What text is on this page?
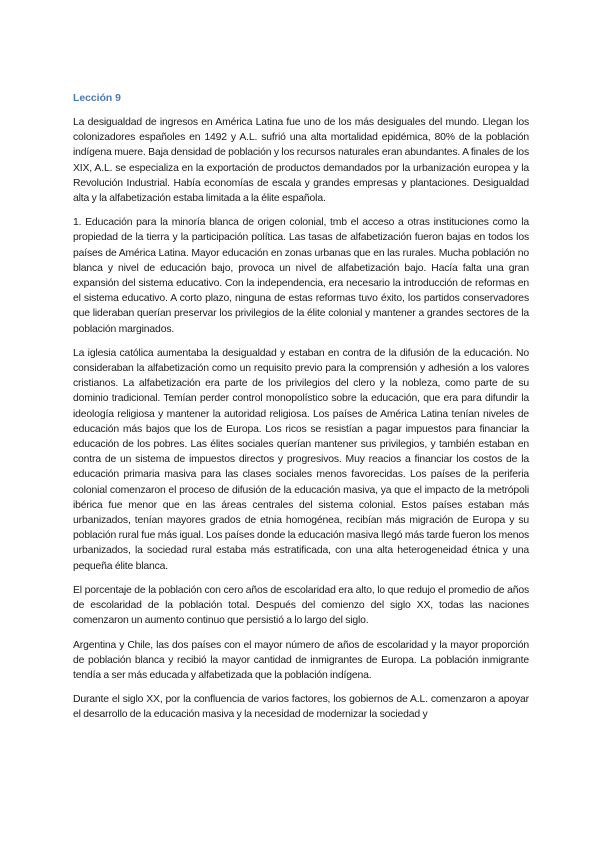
Lección 9

La desigualdad de ingresos en América Latina fue uno de los más desiguales del mundo. Llegan los colonizadores españoles en 1492 y A.L. sufrió una alta mortalidad epidémica, 80% de la población indígena muere. Baja densidad de población y los recursos naturales eran abundantes. A finales de los XIX, A.L. se especializa en la exportación de productos demandados por la urbanización europea y la Revolución Industrial. Había economías de escala y grandes empresas y plantaciones. Desigualdad alta y la alfabetización estaba limitada a la élite española.

1. Educación para la minoría blanca de origen colonial, tmb el acceso a otras instituciones como la propiedad de la tierra y la participación política. Las tasas de alfabetización fueron bajas en todos los países de América Latina. Mayor educación en zonas urbanas que en las rurales. Mucha población no blanca y nivel de educación bajo, provoca un nivel de alfabetización bajo. Hacía falta una gran expansión del sistema educativo. Con la independencia, era necesario la introducción de reformas en el sistema educativo. A corto plazo, ninguna de estas reformas tuvo éxito, los partidos conservadores que lideraban querían preservar los privilegios de la élite colonial y mantener a grandes sectores de la población marginados.

La iglesia católica aumentaba la desigualdad y estaban en contra de la difusión de la educación. No consideraban la alfabetización como un requisito previo para la comprensión y adhesión a los valores cristianos. La alfabetización era parte de los privilegios del clero y la nobleza, como parte de su dominio tradicional. Temían perder control monopolístico sobre la educación, que era para difundir la ideología religiosa y mantener la autoridad religiosa. Los países de América Latina tenían niveles de educación más bajos que los de Europa. Los ricos se resistían a pagar impuestos para financiar la educación de los pobres. Las élites sociales querían mantener sus privilegios, y también estaban en contra de un sistema de impuestos directos y progresivos. Muy reacios a financiar los costos de la educación primaria masiva para las clases sociales menos favorecidas. Los países de la periferia colonial comenzaron el proceso de difusión de la educación masiva, ya que el impacto de la metrópoli ibérica fue menor que en las áreas centrales del sistema colonial. Estos países estaban más urbanizados, tenían mayores grados de etnia homogénea, recibían más migración de Europa y su población rural fue más igual. Los países donde la educación masiva llegó más tarde fueron los menos urbanizados, la sociedad rural estaba más estratificada, con una alta heterogeneidad étnica y una pequeña élite blanca.

El porcentaje de la población con cero años de escolaridad era alto, lo que redujo el promedio de años de escolaridad de la población total. Después del comienzo del siglo XX, todas las naciones comenzaron un aumento continuo que persistió a lo largo del siglo.

Argentina y Chile, las dos países con el mayor número de años de escolaridad y la mayor proporción de población blanca y recibió la mayor cantidad de inmigrantes de Europa. La población inmigrante tendía a ser más educada y alfabetizada que la población indígena.

Durante el siglo XX, por la confluencia de varios factores, los gobiernos de A.L. comenzaron a apoyar el desarrollo de la educación masiva y la necesidad de modernizar la sociedad y
